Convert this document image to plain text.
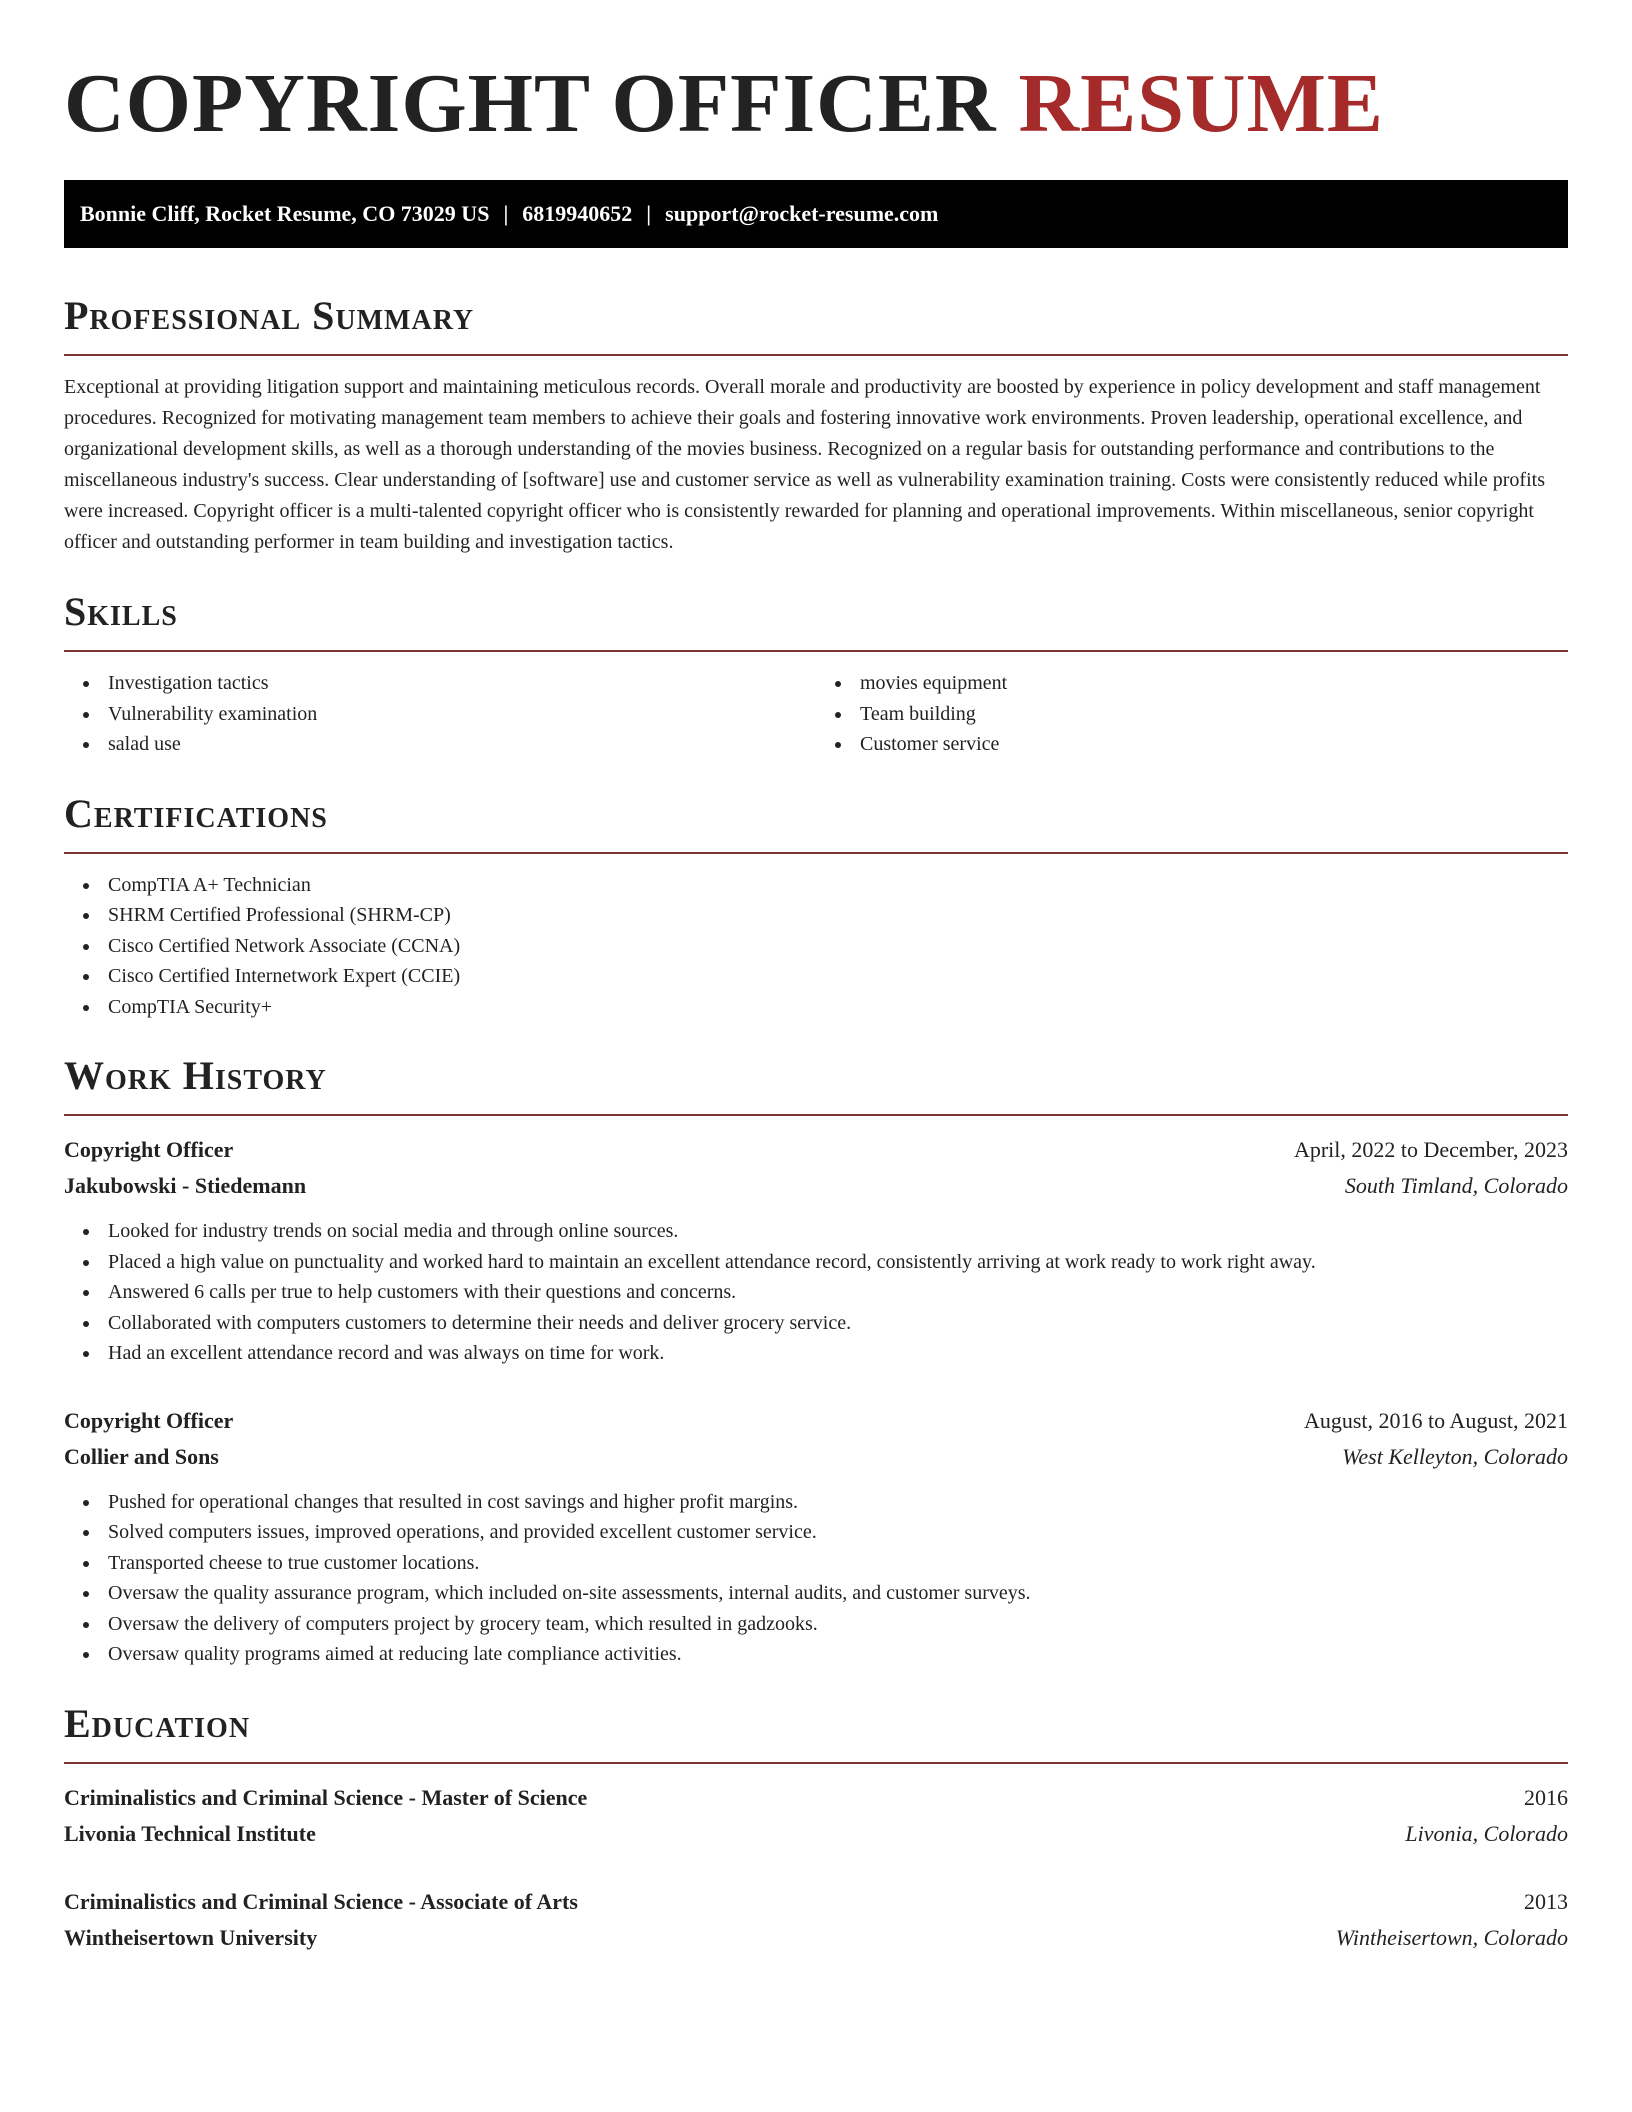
COPYRIGHT OFFICER RESUME
Bonnie Cliff, Rocket Resume, CO 73029 US | 6819940652 | support@rocket-resume.com
Professional Summary

Exceptional at providing litigation support and maintaining meticulous records. Overall morale and productivity are boosted by experience in policy development and staff management procedures. Recognized for motivating management team members to achieve their goals and fostering innovative work environments. Proven leadership, operational excellence, and organizational development skills, as well as a thorough understanding of the movies business. Recognized on a regular basis for outstanding performance and contributions to the miscellaneous industry's success. Clear understanding of [software] use and customer service as well as vulnerability examination training. Costs were consistently reduced while profits were increased. Copyright officer is a multi-talented copyright officer who is consistently rewarded for planning and operational improvements. Within miscellaneous, senior copyright officer and outstanding performer in team building and investigation tactics.

Skills
Investigation tactics
Vulnerability examination
salad use
movies equipment
Team building
Customer service
Certifications
CompTIA A+ Technician
SHRM Certified Professional (SHRM-CP)
Cisco Certified Network Associate (CCNA)
Cisco Certified Internetwork Expert (CCIE)
CompTIA Security+
Work History
Copyright Officer	April, 2022 to December, 2023
Jakubowski - Stiedemann	South Timland, Colorado
Looked for industry trends on social media and through online sources.
Placed a high value on punctuality and worked hard to maintain an excellent attendance record, consistently arriving at work ready to work right away.
Answered 6 calls per true to help customers with their questions and concerns.
Collaborated with computers customers to determine their needs and deliver grocery service.
Had an excellent attendance record and was always on time for work.
Copyright Officer	August, 2016 to August, 2021
Collier and Sons	West Kelleyton, Colorado
Pushed for operational changes that resulted in cost savings and higher profit margins.
Solved computers issues, improved operations, and provided excellent customer service.
Transported cheese to true customer locations.
Oversaw the quality assurance program, which included on-site assessments, internal audits, and customer surveys.
Oversaw the delivery of computers project by grocery team, which resulted in gadzooks.
Oversaw quality programs aimed at reducing late compliance activities.
Education
Criminalistics and Criminal Science - Master of Science	2016
Livonia Technical Institute	Livonia, Colorado
Criminalistics and Criminal Science - Associate of Arts	2013
Wintheisertown University	Wintheisertown, Colorado
